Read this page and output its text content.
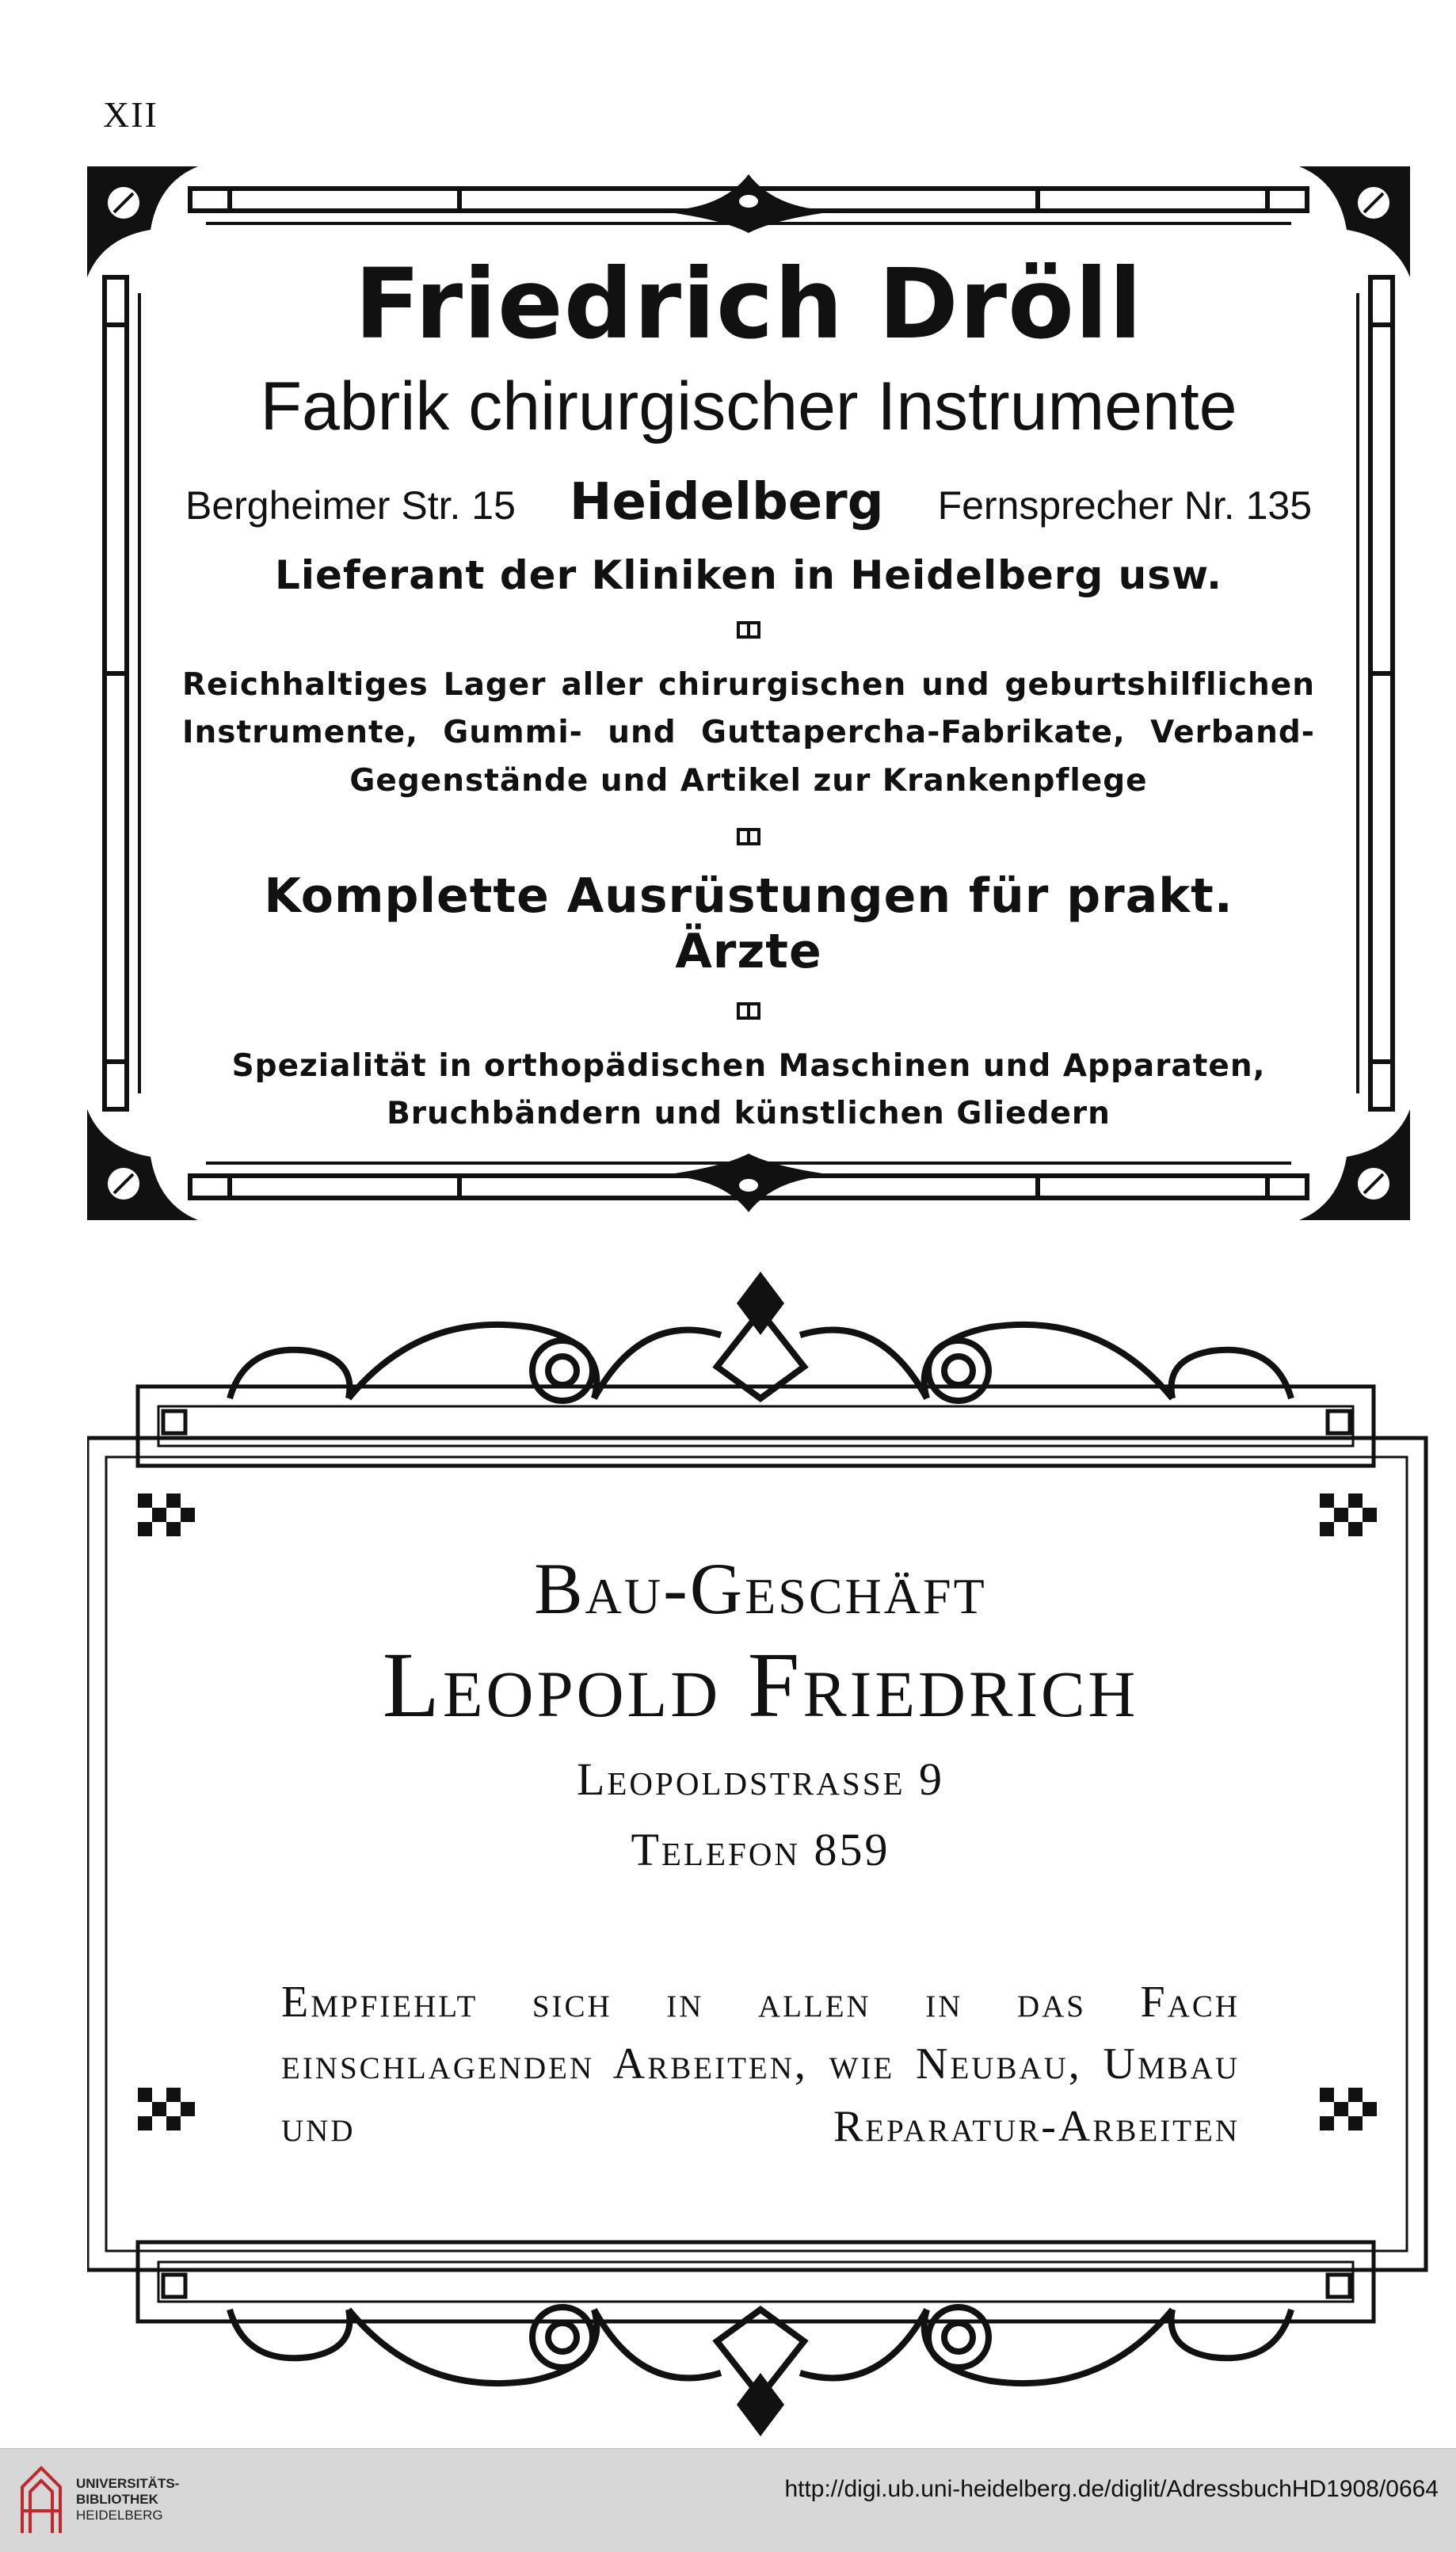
XII
Friedrich Dröll
Fabrik chirurgischer Instrumente
Bergheimer Str. 15 Heidelberg Fernsprecher Nr. 135
Lieferant der Kliniken in Heidelberg usw.
Reichhaltiges Lager aller chirurgischen und geburtshilflichen Instrumente, Gummi- und Guttapercha-Fabrikate, Verband-Gegenstände und Artikel zur Krankenpflege
Komplette Ausrüstungen für prakt. Ärzte
Spezialität in orthopädischen Maschinen und Apparaten, Bruchbändern und künstlichen Gliedern
Bau-Geschäft
Leopold Friedrich
Leopoldstrasse 9
Telefon 859
Empfiehlt sich in allen in das Fach einschlagenden Arbeiten, wie Neubau, Umbau und Reparatur-Arbeiten
UNIVERSITÄTS-
BIBLIOTHEK
HEIDELBERG
http://digi.ub.uni-heidelberg.de/diglit/AdressbuchHD1908/0664
